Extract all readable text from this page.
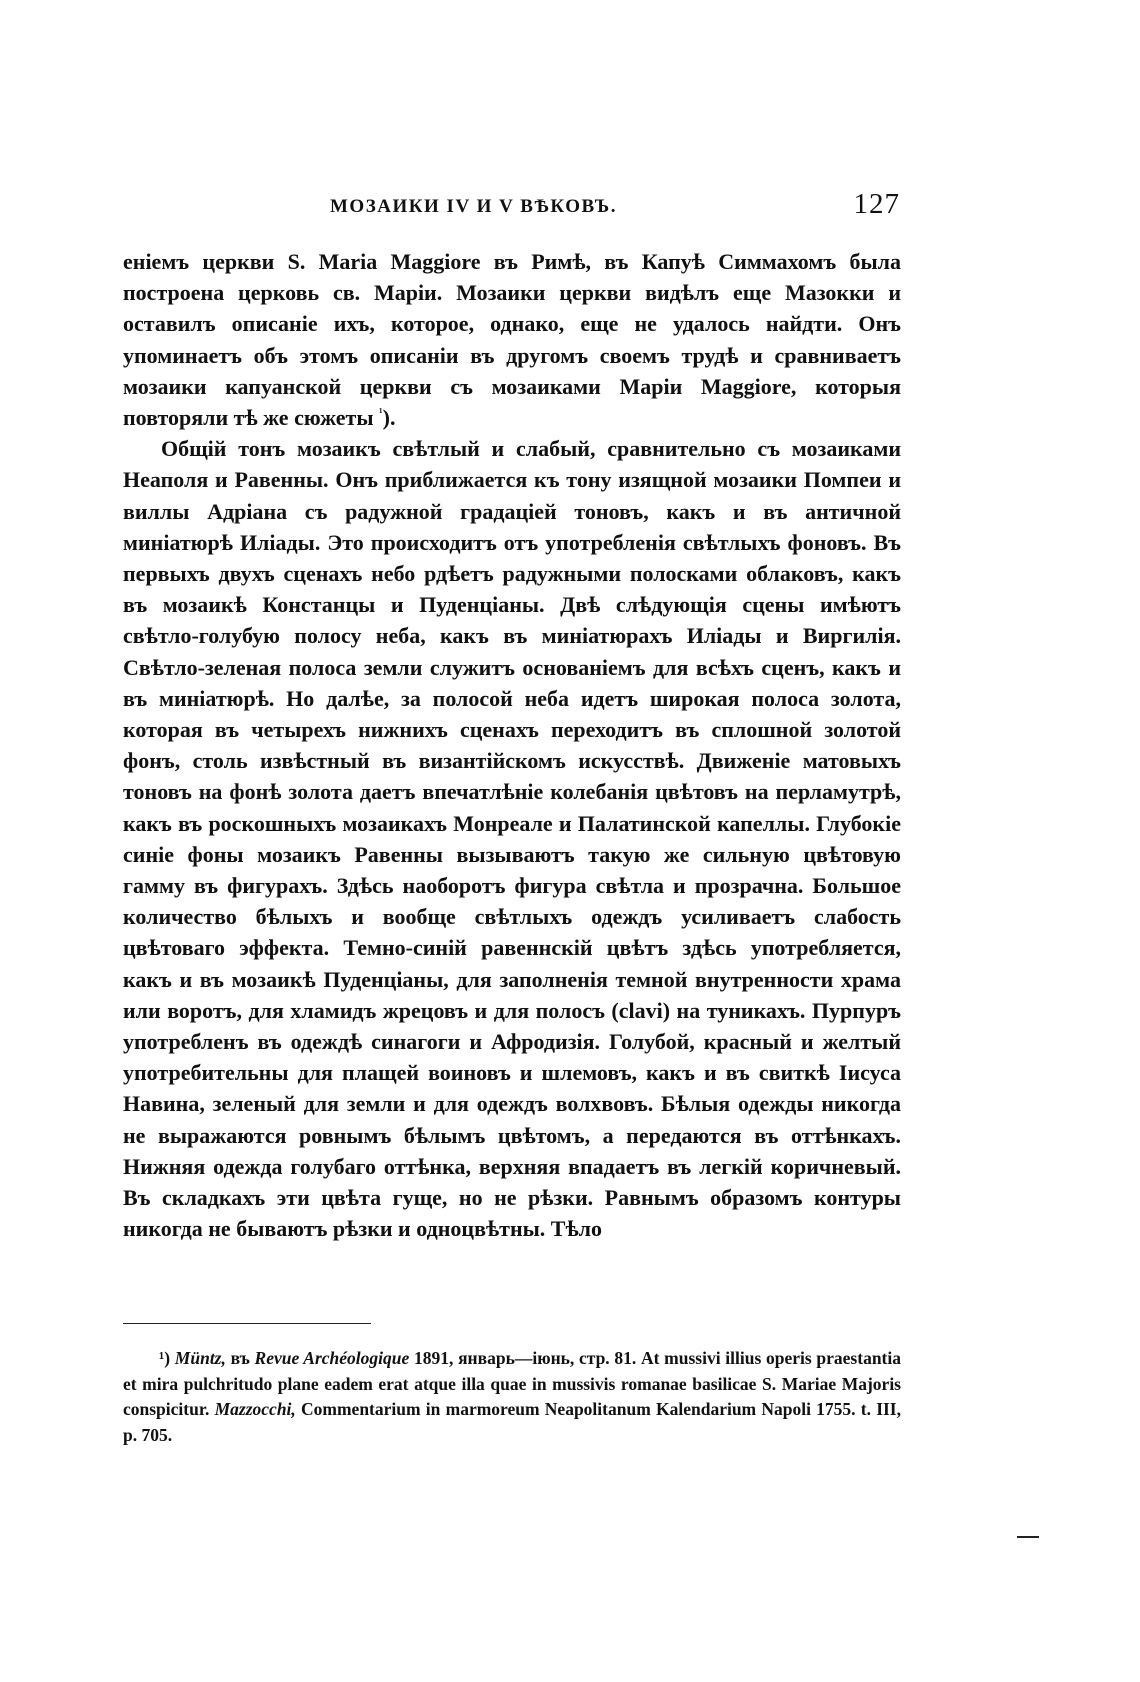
МОЗАИКИ IV И V ВѢКОВЪ.	127

еніемъ церкви S. Maria Maggiore въ Римѣ, въ Капуѣ Симмахомъ была построена церковь св. Маріи. Мозаики церкви видѣлъ еще Мазокки и оставилъ описаніе ихъ, которое, однако, еще не удалось найдти. Онъ упоминаетъ объ этомъ описаніи въ другомъ своемъ трудѣ и сравниваетъ мозаики капуанской церкви съ мозаиками Маріи Maggiore, которыя повторяли тѣ же сюжеты $^{^1}$).

Общій тонъ мозаикъ свѣтлый и слабый, сравнительно съ мозаиками Неаполя и Равенны. Онъ приближается къ тону изящной мозаики Помпеи и виллы Адріана съ радужной градаціей тоновъ, какъ и въ античной миніатюрѣ Иліады. Это происходитъ отъ употребленія свѣтлыхъ фоновъ. Въ первыхъ двухъ сценахъ небо рдѣетъ радужными полосками облаковъ, какъ въ мозаикѣ Констанцы и Пуденціаны. Двѣ слѣдующія сцены имѣютъ свѣтло-голубую полосу неба, какъ въ миніатюрахъ Иліады и Виргилія. Свѣтло-зеленая полоса земли служитъ основаніемъ для всѣхъ сценъ, какъ и въ миніатюрѣ. Но далѣе, за полосой неба идетъ широкая полоса золота, которая въ четырехъ нижнихъ сценахъ переходитъ въ сплошной золотой фонъ, столь извѣстный въ византійскомъ искусствѣ. Движеніе матовыхъ тоновъ на фонѣ золота даетъ впечатлѣніе колебанія цвѣтовъ на перламутрѣ, какъ въ роскошныхъ мозаикахъ Монреале и Палатинской капеллы. Глубокіе синіе фоны мозаикъ Равенны вызываютъ такую же сильную цвѣтовую гамму въ фигурахъ. Здѣсь наоборотъ фигура свѣтла и прозрачна. Большое количество бѣлыхъ и вообще свѣтлыхъ одеждъ усиливаетъ слабость цвѣтоваго эффекта. Темно-синій равеннскій цвѣтъ здѣсь употребляется, какъ и въ мозаикѣ Пуденціаны, для заполненія темной внутренности храма или воротъ, для хламидъ жрецовъ и для полосъ (clavi) на туникахъ. Пурпуръ употребленъ въ одеждѣ синагоги и Афродизія. Голубой, красный и желтый употребительны для плащей воиновъ и шлемовъ, какъ и въ свиткѣ Іисуса Навина, зеленый для земли и для одеждъ волхвовъ. Бѣлыя одежды никогда не выражаются ровнымъ бѣлымъ цвѣтомъ, а передаются въ оттѣнкахъ. Нижняя одежда голубаго оттѣнка, верхняя впадаетъ въ легкій коричневый. Въ складкахъ эти цвѣта гуще, но не рѣзки. Равнымъ образомъ контуры никогда не бываютъ рѣзки и одноцвѣтны. Тѣло

¹) Müntz, въ Revue Archéologique 1891, январь—іюнь, стр. 81. At mussivi illius operis praestantia et mira pulchritudo plane eadem erat atque illa quae in mussivis romanae basilicae S. Mariae Majoris conspicitur. Mazzocchi, Commentarium in marmoreum Neapolitanum Kalendarium Napoli 1755. t. III, p. 705.
